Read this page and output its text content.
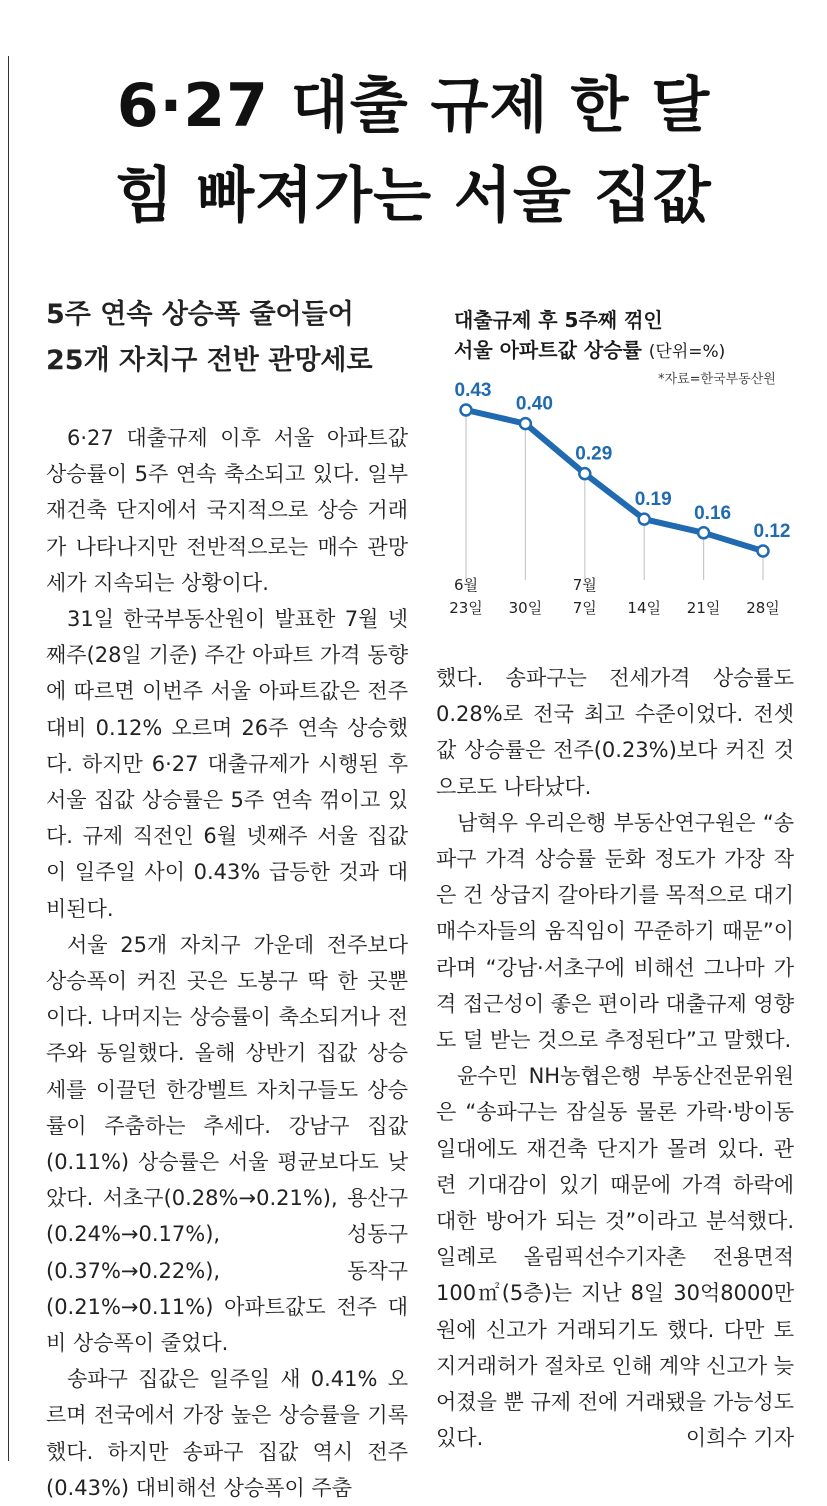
6·27 대출 규제 한 달
힘 빠져가는 서울 집값
5주 연속 상승폭 줄어들어
25개 자치구 전반 관망세로
대출규제 후 5주째 꺾인
서울 아파트값 상승률 (단위=%)
*자료=한국부동산원
0.43
0.40
0.29
0.19
0.16
0.12
6월
23일 30일
7월
7일 14일 21일 28일

6·27 대출규제 이후 서울 아파트값 상승률이 5주 연속 축소되고 있다. 일부 재건축 단지에서 국지적으로 상승 거래가 나타나지만 전반적으로는 매수 관망세가 지속되는 상황이다.

31일 한국부동산원이 발표한 7월 넷째주(28일 기준) 주간 아파트 가격 동향에 따르면 이번주 서울 아파트값은 전주 대비 0.12% 오르며 26주 연속 상승했다. 하지만 6·27 대출규제가 시행된 후 서울 집값 상승률은 5주 연속 꺾이고 있다. 규제 직전인 6월 넷째주 서울 집값이 일주일 사이 0.43% 급등한 것과 대비된다.

서울 25개 자치구 가운데 전주보다 상승폭이 커진 곳은 도봉구 딱 한 곳뿐이다. 나머지는 상승률이 축소되거나 전주와 동일했다. 올해 상반기 집값 상승세를 이끌던 한강벨트 자치구들도 상승률이 주춤하는 추세다. 강남구 집값(0.11%) 상승률은 서울 평균보다도 낮았다. 서초구(0.28%→0.21%), 용산구(0.24%→0.17%), 성동구(0.37%→0.22%), 동작구(0.21%→0.11%) 아파트값도 전주 대비 상승폭이 줄었다.

송파구 집값은 일주일 새 0.41% 오르며 전국에서 가장 높은 상승률을 기록했다. 하지만 송파구 집값 역시 전주(0.43%) 대비해선 상승폭이 주춤

했다. 송파구는 전세가격 상승률도 0.28%로 전국 최고 수준이었다. 전셋값 상승률은 전주(0.23%)보다 커진 것으로도 나타났다.

남혁우 우리은행 부동산연구원은 “송파구 가격 상승률 둔화 정도가 가장 작은 건 상급지 갈아타기를 목적으로 대기 매수자들의 움직임이 꾸준하기 때문”이라며 “강남·서초구에 비해선 그나마 가격 접근성이 좋은 편이라 대출규제 영향도 덜 받는 것으로 추정된다”고 말했다.

윤수민 NH농협은행 부동산전문위원은 “송파구는 잠실동 물론 가락·방이동 일대에도 재건축 단지가 몰려 있다. 관련 기대감이 있기 때문에 가격 하락에 대한 방어가 되는 것”이라고 분석했다. 일례로 올림픽선수기자촌 전용면적 100㎡(5층)는 지난 8일 30억8000만원에 신고가 거래되기도 했다. 다만 토지거래허가 절차로 인해 계약 신고가 늦어졌을 뿐 규제 전에 거래됐을 가능성도 있다.	이희수 기자
